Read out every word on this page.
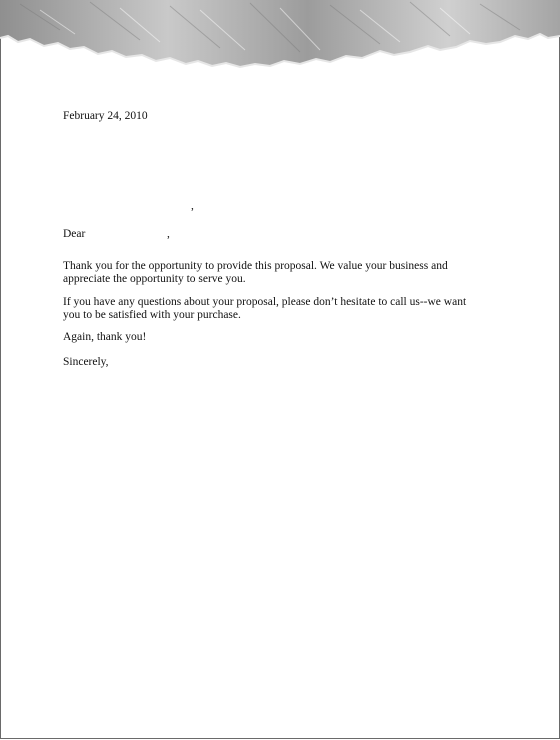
February 24, 2010
,
Dear	,
Thank you for the opportunity to provide this proposal. We value your business and
appreciate the opportunity to serve you.
If you have any questions about your proposal, please don’t hesitate to call us--we want
you to be satisfied with your purchase.
Again, thank you!
Sincerely,
